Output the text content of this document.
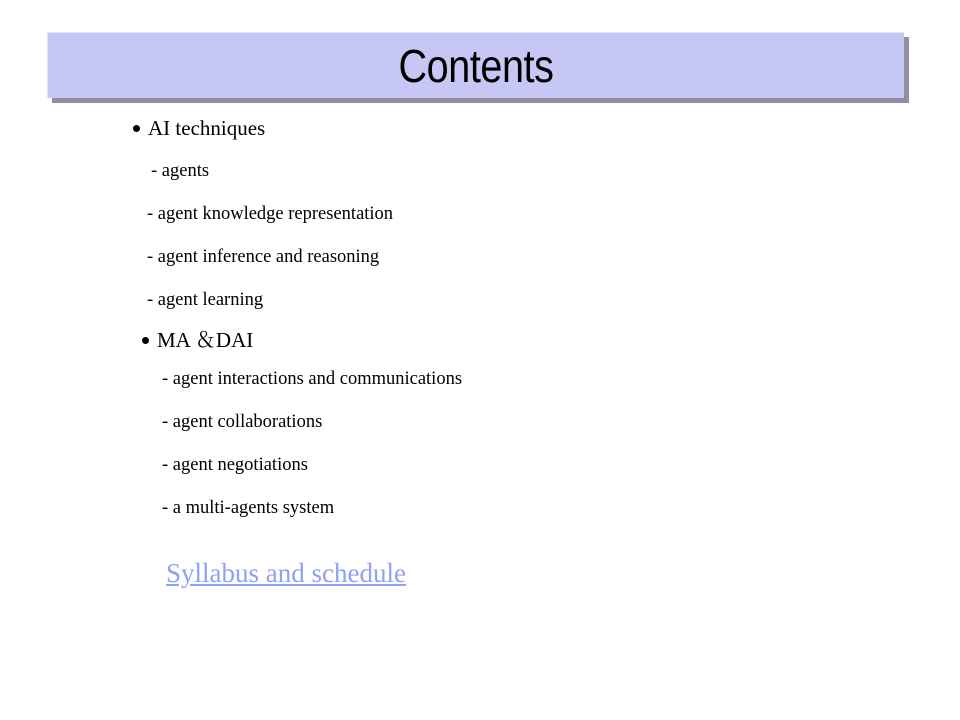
Contents
AI techniques
- agents
- agent knowledge representation
- agent inference and reasoning
- agent learning
MA ＆DAI
- agent interactions and communications
- agent collaborations
- agent negotiations
- a multi-agents system
Syllabus and schedule
